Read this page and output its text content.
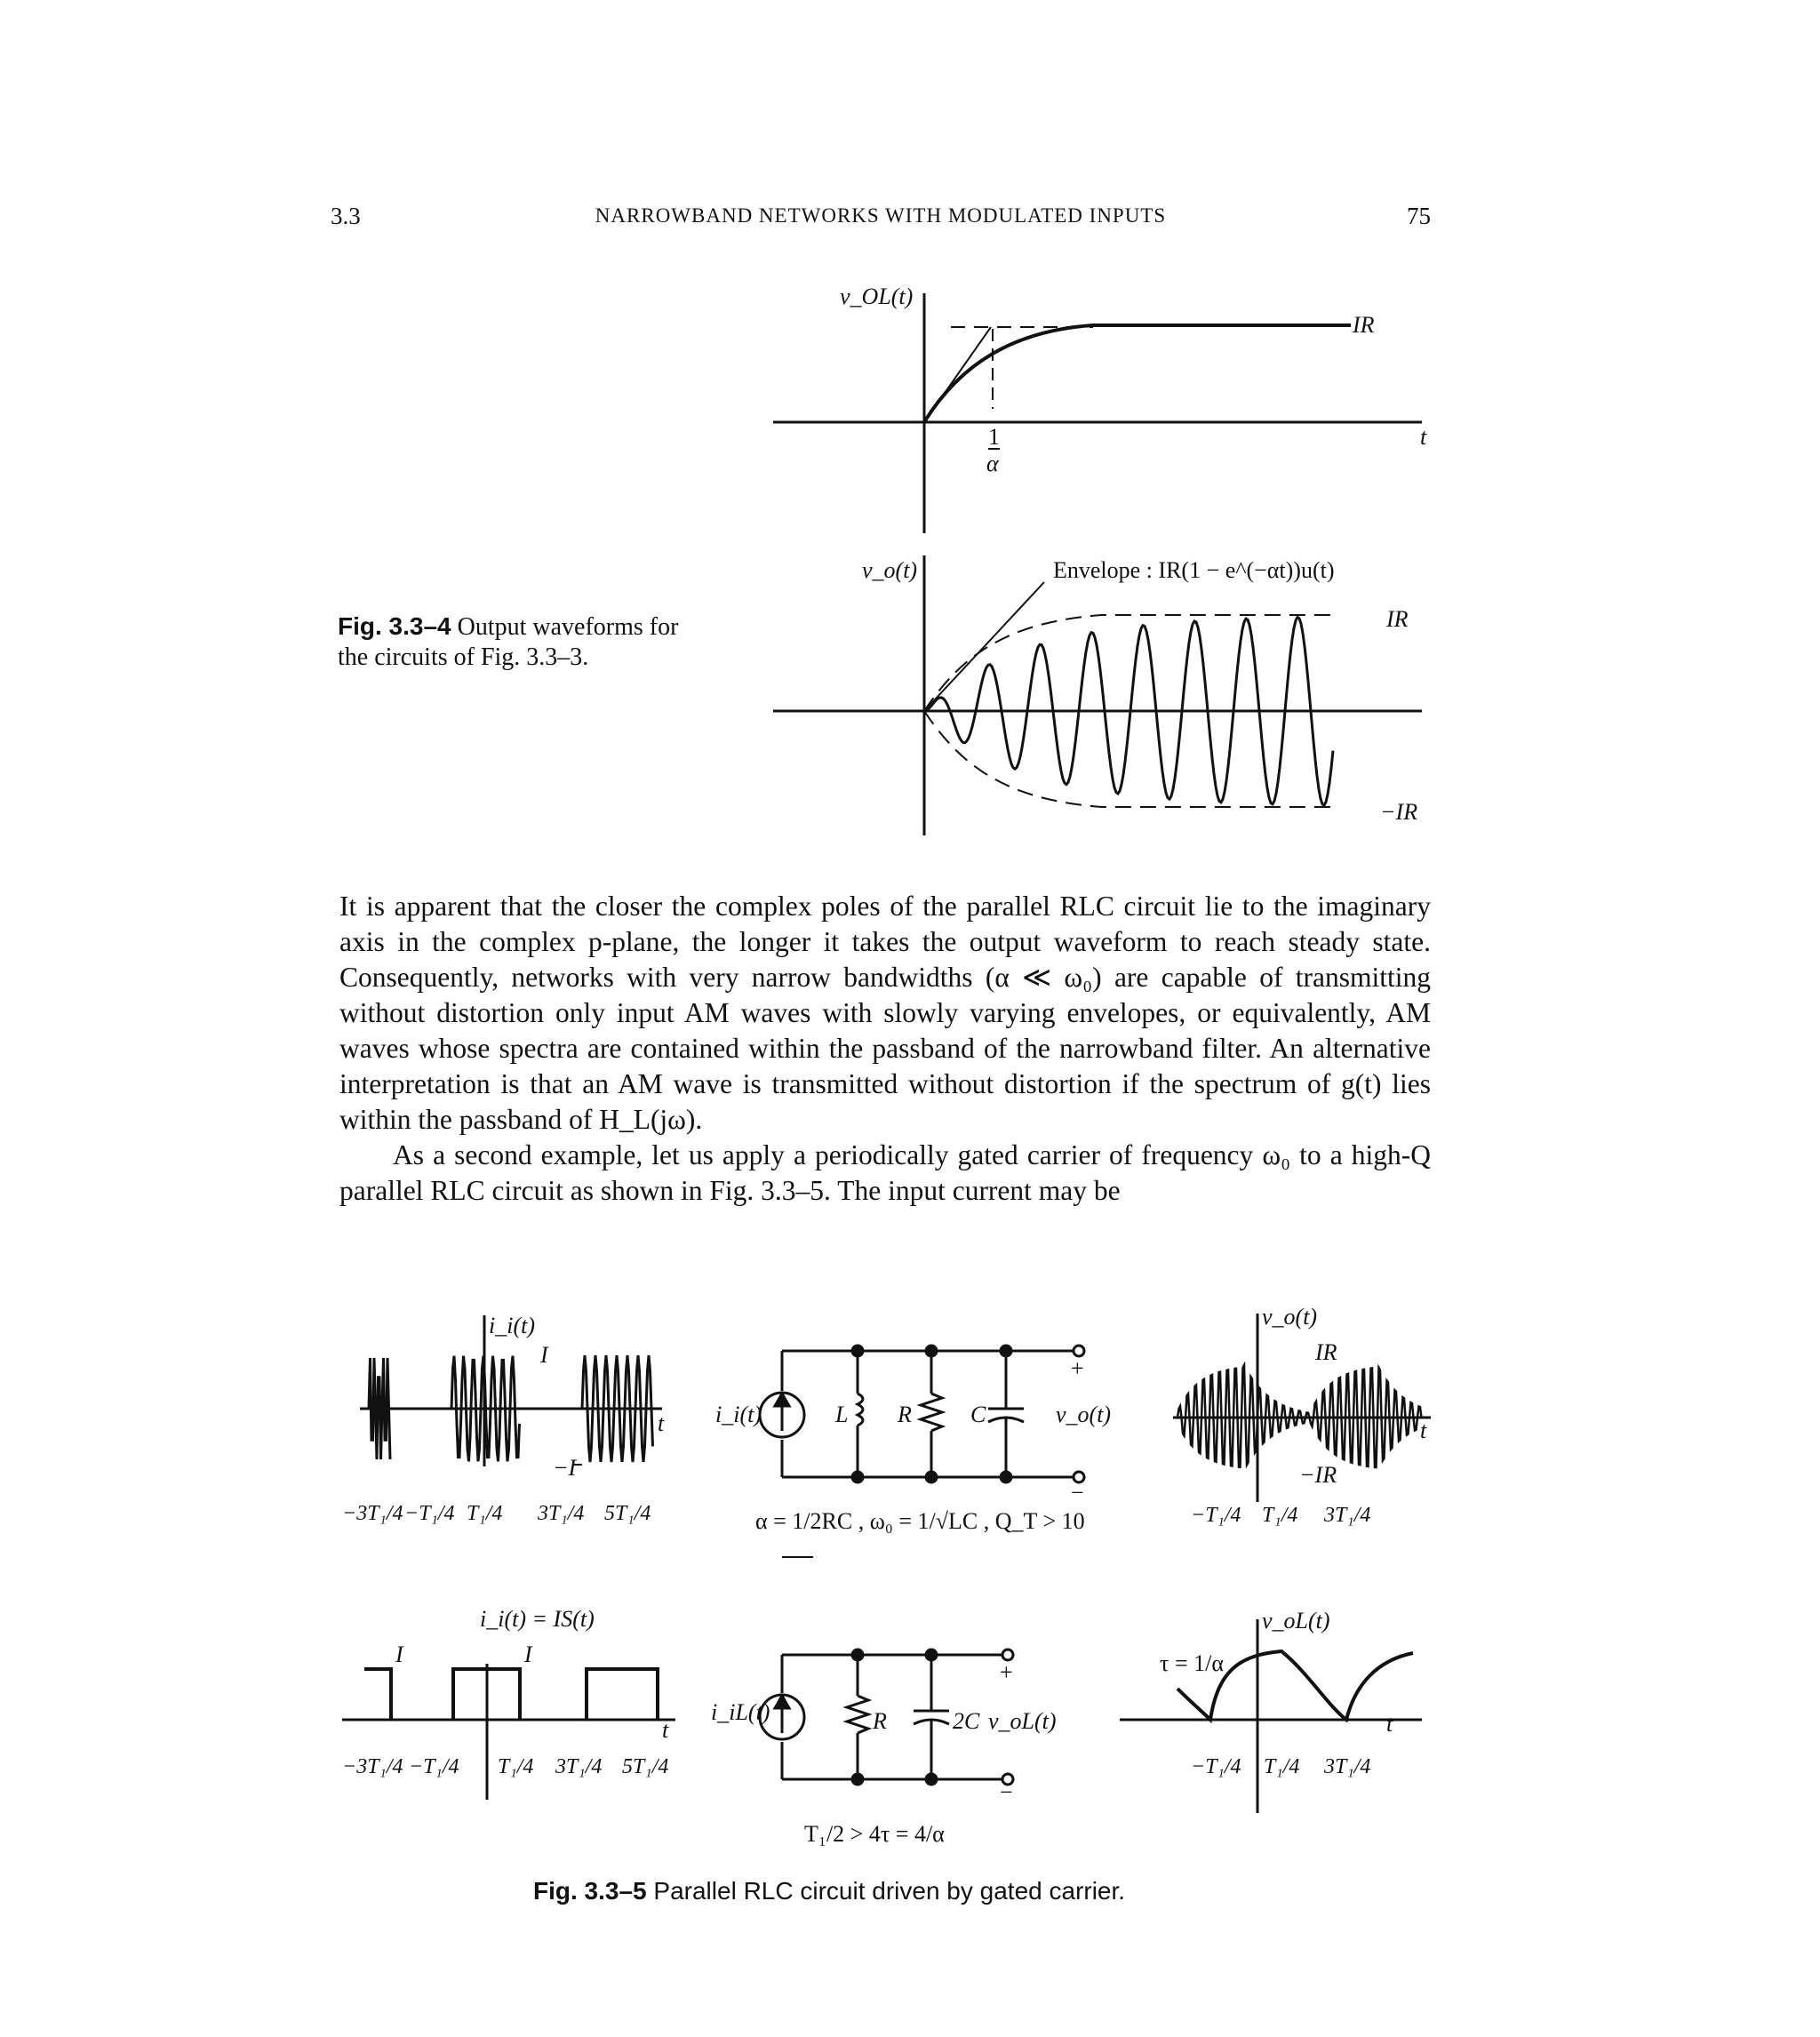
3.3	NARROWBAND NETWORKS WITH MODULATED INPUTS	75
Fig. 3.3–4 Output waveforms for the circuits of Fig. 3.3–3.
v_OL(t)
IR
t
1
α
v_o(t)	Envelope : IR(1 − e^(−αt))u(t)
IR
−IR
i_i(t)
I
−I
t i_i(t)	L R	C	v_o(t)
+
−
α = 1/2RC , ω₀ = 1/√LC , Q_T > 10
v_o(t)
IR
−IR
t
i_i(t) = IS(t)
I	I
t
i_iL(t)	R	2C v_oL(t)
+
−
T₁/2 > 4τ = 4/α
v_oL(t)
τ = 1/α
t
−3T₁/4 −T₁/4 T₁/4 3T₁/4 5T₁/4	−T₁/4 T₁/4 3T₁/4
−3T₁/4 −T₁/4 T₁/4 3T₁/4 5T₁/4	−T₁/4 T₁/4 3T₁/4

It is apparent that the closer the complex poles of the parallel RLC circuit lie to the imaginary axis in the complex p-plane, the longer it takes the output waveform to reach steady state. Consequently, networks with very narrow bandwidths (α ≪ ω₀) are capable of transmitting without distortion only input AM waves with slowly varying envelopes, or equivalently, AM waves whose spectra are contained within the passband of the narrowband filter. An alternative interpretation is that an AM wave is transmitted without distortion if the spectrum of g(t) lies within the passband of H_L(jω).

As a second example, let us apply a periodically gated carrier of frequency ω₀ to a high-Q parallel RLC circuit as shown in Fig. 3.3–5. The input current may be

Fig. 3.3–5 Parallel RLC circuit driven by gated carrier.
